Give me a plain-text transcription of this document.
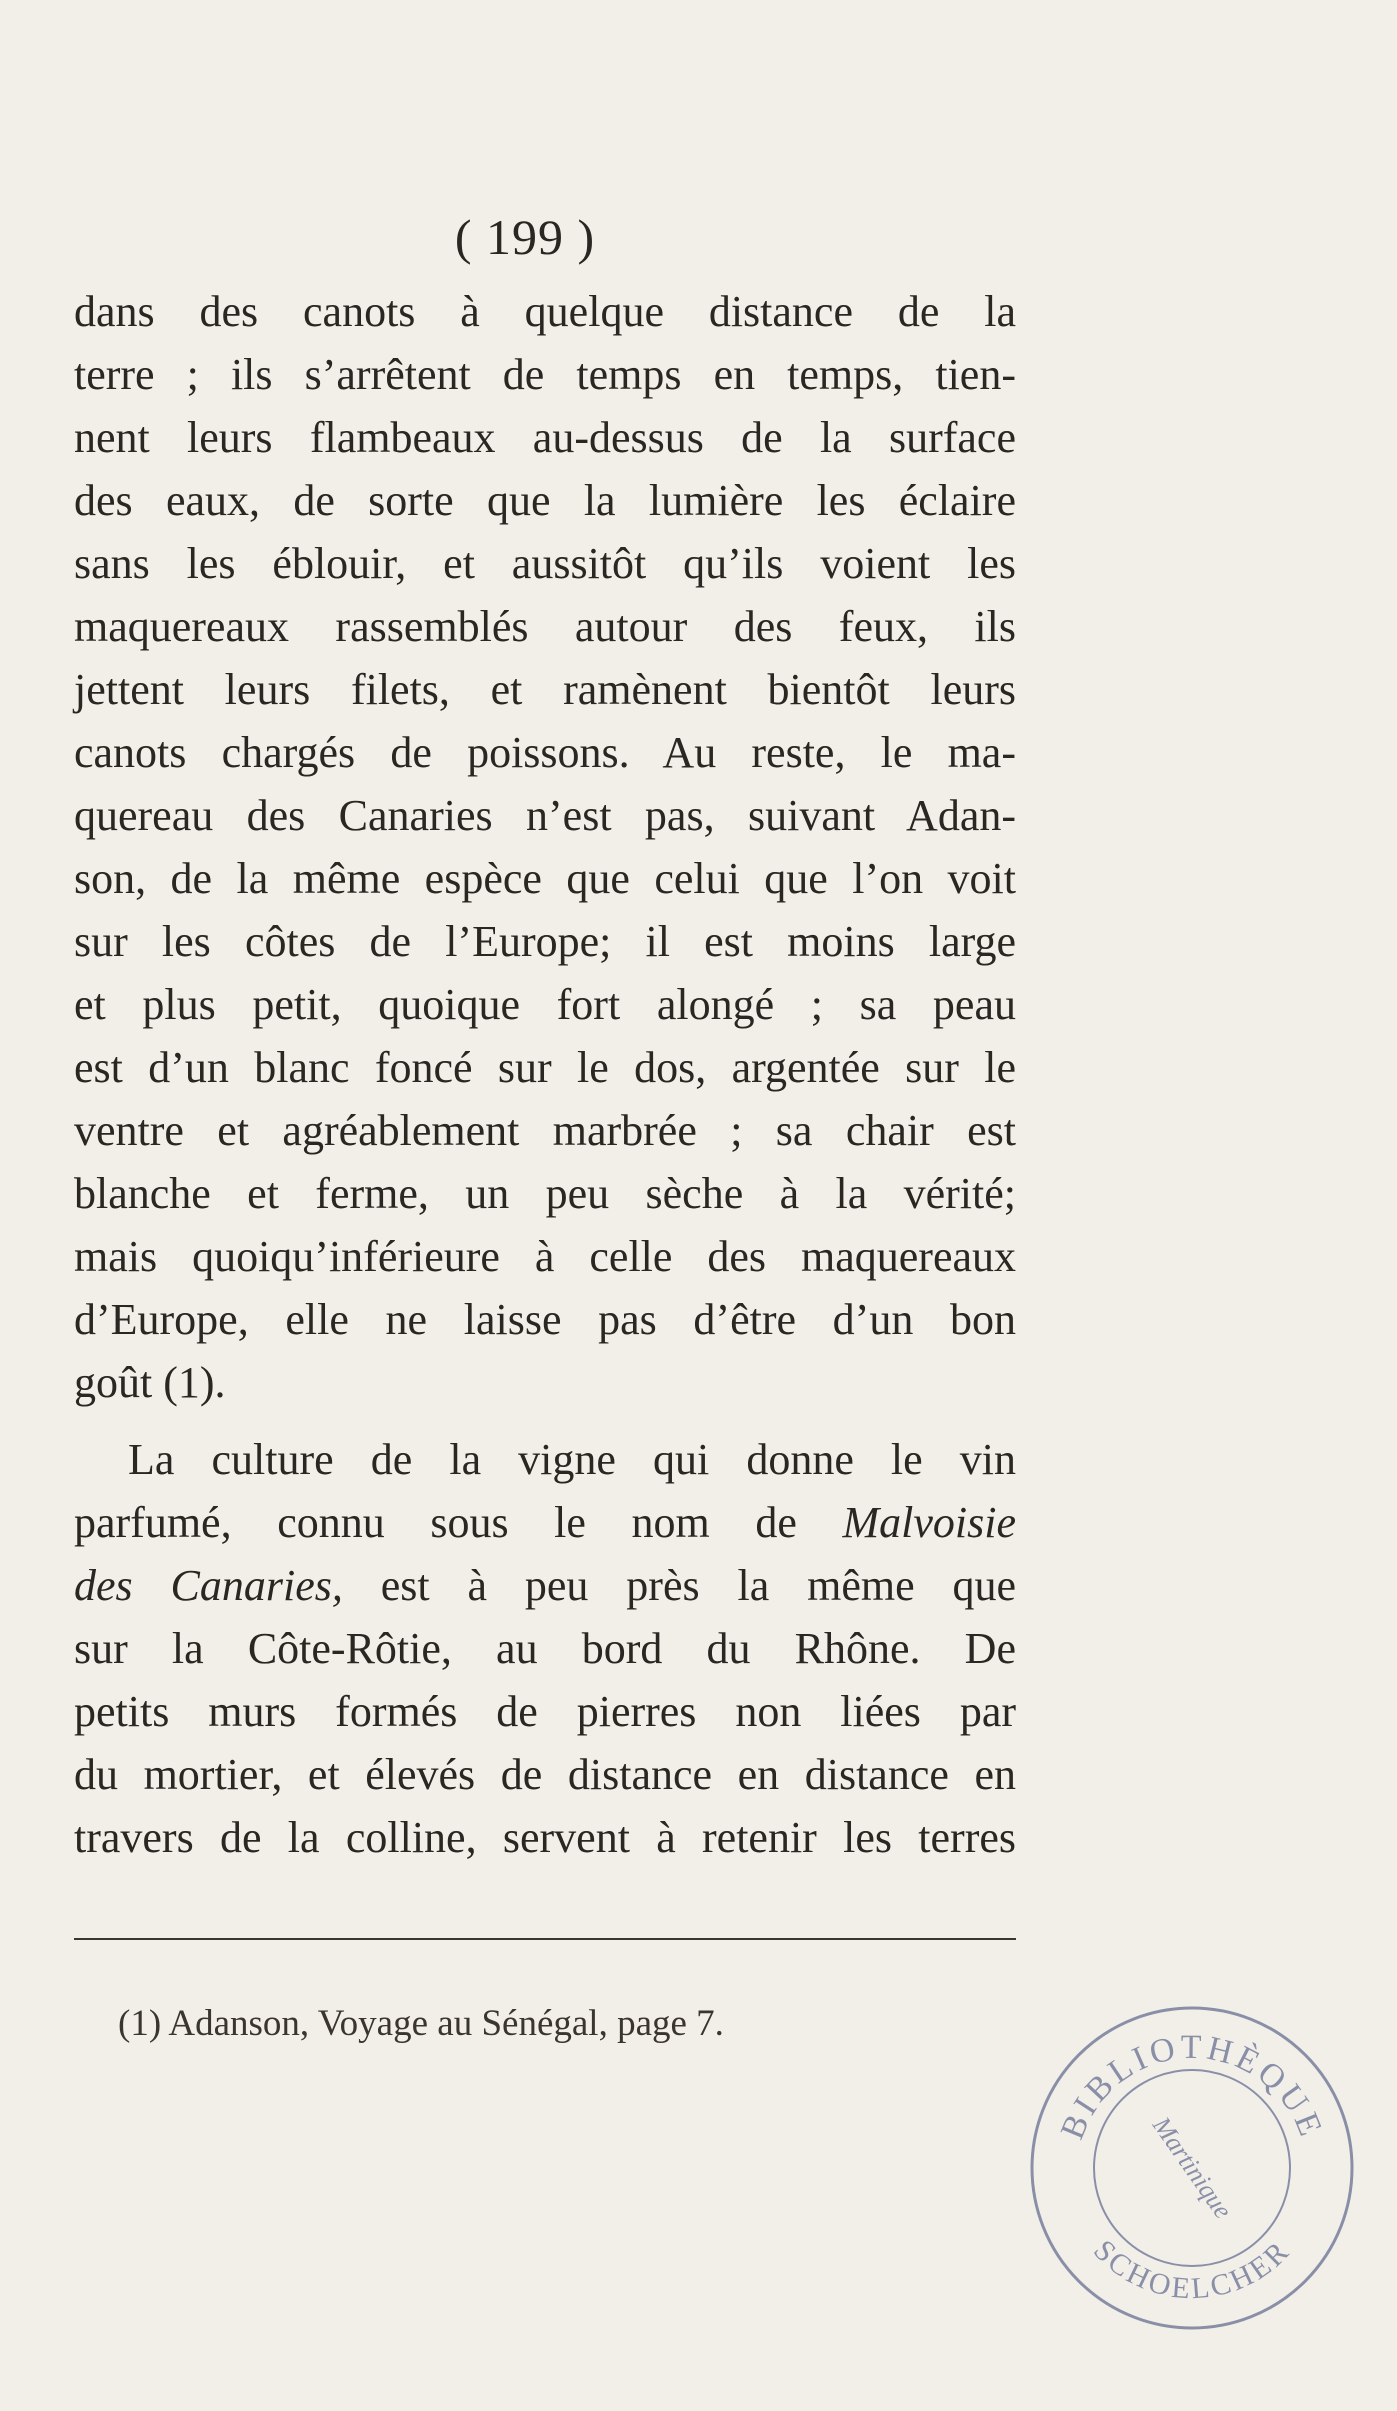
( 199 )
dans des canots à quelque distance de la
terre ; ils s’arrêtent de temps en temps, tien-
nent leurs flambeaux au-dessus de la surface
des eaux, de sorte que la lumière les éclaire
sans les éblouir, et aussitôt qu’ils voient les
maquereaux rassemblés autour des feux, ils
jettent leurs filets, et ramènent bientôt leurs
canots chargés de poissons. Au reste, le ma-
quereau des Canaries n’est pas, suivant Adan-
son, de la même espèce que celui que l’on voit
sur les côtes de l’Europe; il est moins large
et plus petit, quoique fort alongé ; sa peau
est d’un blanc foncé sur le dos, argentée sur le
ventre et agréablement marbrée ; sa chair est
blanche et ferme, un peu sèche à la vérité;
mais quoiqu’inférieure à celle des maquereaux
d’Europe, elle ne laisse pas d’être d’un bon
goût (1).
La culture de la vigne qui donne le vin
parfumé, connu sous le nom de Malvoisie
des Canaries, est à peu près la même que
sur la Côte-Rôtie, au bord du Rhône. De
petits murs formés de pierres non liées par
du mortier, et élevés de distance en distance en
travers de la colline, servent à retenir les terres
(1) Adanson, Voyage au Sénégal, page 7.
BIBLIOTHÈQUE
SCHOELCHER
Martinique
